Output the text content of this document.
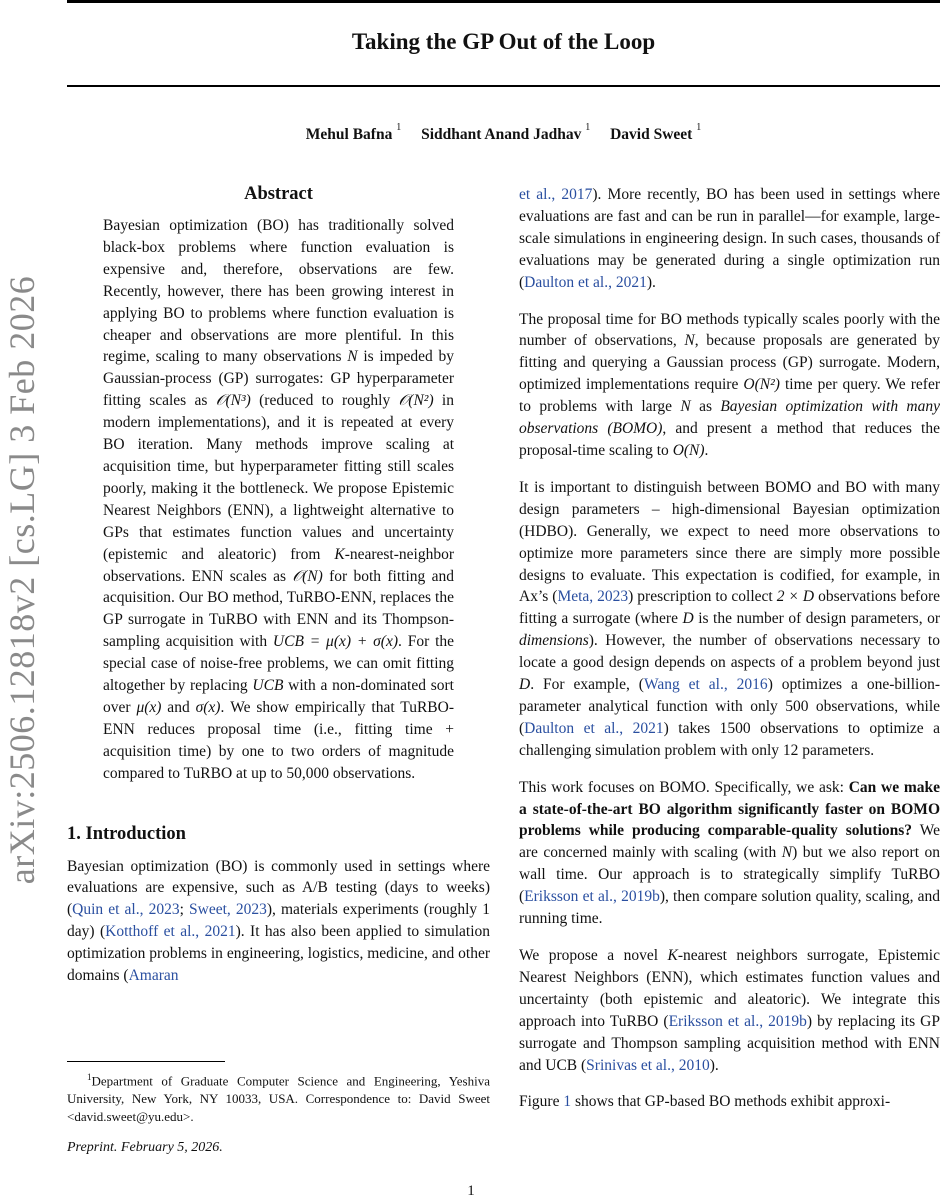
arXiv:2506.12818v2 [cs.LG] 3 Feb 2026
Taking the GP Out of the Loop
Mehul Bafna $^1$ Siddhant Anand Jadhav $^1$ David Sweet $^1$
Abstract
Bayesian optimization (BO) has traditionally solved black-box problems where function evaluation is expensive and, therefore, observations are few. Recently, however, there has been growing interest in applying BO to problems where function evaluation is cheaper and observations are more plentiful. In this regime, scaling to many observations N is impeded by Gaussian-process (GP) surrogates: GP hyperparameter fitting scales as 𝒪(N³) (reduced to roughly 𝒪(N²) in modern implementations), and it is repeated at every BO iteration. Many methods improve scaling at acquisition time, but hyperparameter fitting still scales poorly, making it the bottleneck. We propose Epistemic Nearest Neighbors (ENN), a lightweight alternative to GPs that estimates function values and uncertainty (epistemic and aleatoric) from K-nearest-neighbor observations. ENN scales as 𝒪(N) for both fitting and acquisition. Our BO method, TuRBO-ENN, replaces the GP surrogate in TuRBO with ENN and its Thompson-sampling acquisition with UCB = μ(x) + σ(x). For the special case of noise-free problems, we can omit fitting altogether by replacing UCB with a non-dominated sort over μ(x) and σ(x). We show empirically that TuRBO-ENN reduces proposal time (i.e., fitting time + acquisition time) by one to two orders of magnitude compared to TuRBO at up to 50,000 observations.
1. Introduction
Bayesian optimization (BO) is commonly used in settings where evaluations are expensive, such as A/B testing (days to weeks) (Quin et al., 2023; Sweet, 2023), materials experiments (roughly 1 day) (Kotthoff et al., 2021). It has also been applied to simulation optimization problems in engineering, logistics, medicine, and other domains (Amaran
et al., 2017). More recently, BO has been used in settings where evaluations are fast and can be run in parallel—for example, large-scale simulations in engineering design. In such cases, thousands of evaluations may be generated during a single optimization run (Daulton et al., 2021).
The proposal time for BO methods typically scales poorly with the number of observations, N, because proposals are generated by fitting and querying a Gaussian process (GP) surrogate. Modern, optimized implementations require O(N²) time per query. We refer to problems with large N as Bayesian optimization with many observations (BOMO), and present a method that reduces the proposal-time scaling to O(N).
It is important to distinguish between BOMO and BO with many design parameters – high-dimensional Bayesian optimization (HDBO). Generally, we expect to need more observations to optimize more parameters since there are simply more possible designs to evaluate. This expectation is codified, for example, in Ax’s (Meta, 2023) prescription to collect 2 × D observations before fitting a surrogate (where D is the number of design parameters, or dimensions). However, the number of observations necessary to locate a good design depends on aspects of a problem beyond just D. For example, (Wang et al., 2016) optimizes a one-billion-parameter analytical function with only 500 observations, while (Daulton et al., 2021) takes 1500 observations to optimize a challenging simulation problem with only 12 parameters.
This work focuses on BOMO. Specifically, we ask: Can we make a state-of-the-art BO algorithm significantly faster on BOMO problems while producing comparable-quality solutions? We are concerned mainly with scaling (with N) but we also report on wall time. Our approach is to strategically simplify TuRBO (Eriksson et al., 2019b), then compare solution quality, scaling, and running time.
We propose a novel K-nearest neighbors surrogate, Epistemic Nearest Neighbors (ENN), which estimates function values and uncertainty (both epistemic and aleatoric). We integrate this approach into TuRBO (Eriksson et al., 2019b) by replacing its GP surrogate and Thompson sampling acquisition method with ENN and UCB (Srinivas et al., 2010).
Figure 1 shows that GP-based BO methods exhibit approxi-
$^1$Department of Graduate Computer Science and Engineering, Yeshiva University, New York, NY 10033, USA. Correspondence to: David Sweet <david.sweet@yu.edu>.
Preprint. February 5, 2026.
1
